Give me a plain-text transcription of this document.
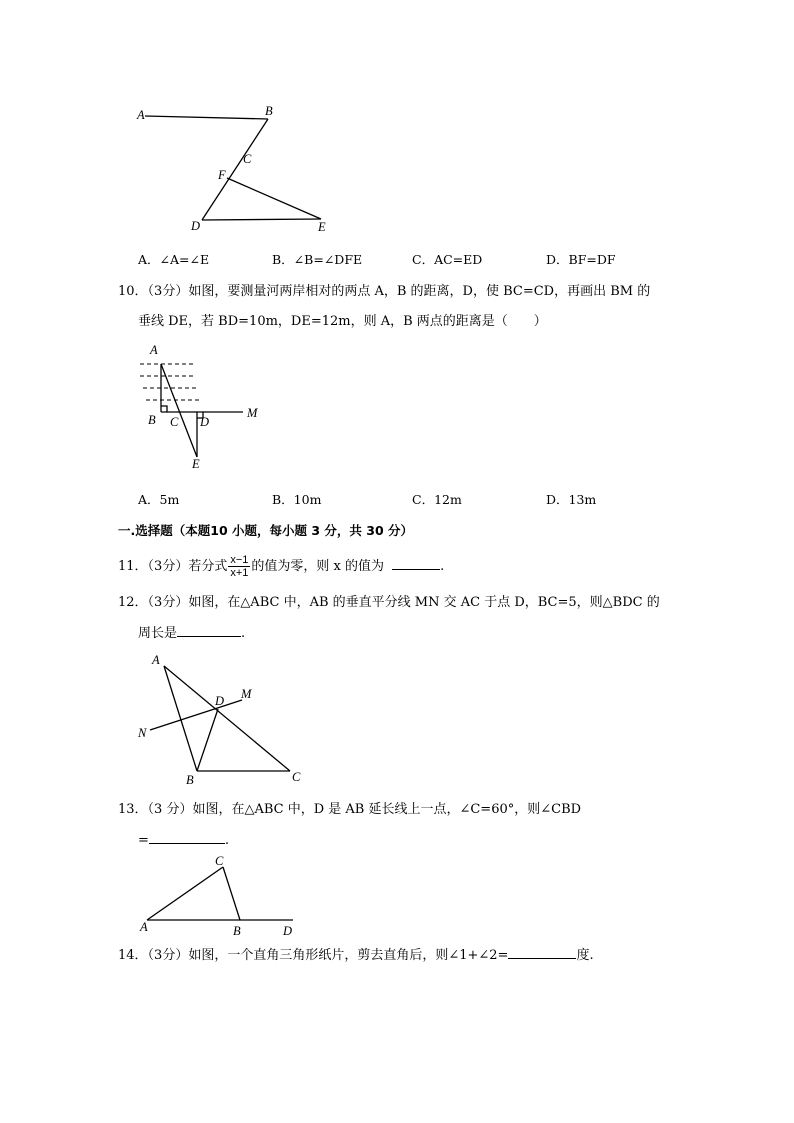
A	B
C
F
D	E
A．∠A=∠E	B．∠B=∠DFE	C．AC=ED	D．BF=DF
10．（3分）如图，要测量河两岸相对的两点 A，B 的距离，D，使 BC=CD，再画出 BM 的
垂线 DE，若 BD=10m，DE=12m，则 A，B 两点的距离是（　　）
A
B C D
M
E
A．5m	B．10m	C．12m	D．13m
一.选择题（本题10 小题，每小题 3 分，共 30 分）
11．（3分）若分式 $\frac{x-1}{x+1}$ 的值为零，则 x 的值为	.
12．（3分）如图，在△ABC 中，AB 的垂直平分线 MN 交 AC 于点 D，BC=5，则△BDC 的
周长是	.
A
D M
N
B	C
13．（3 分）如图，在△ABC 中，D 是 AB 延长线上一点，∠C=60°，则∠CBD
=	.
C
A	B	D
14．（3分）如图，一个直角三角形纸片，剪去直角后，则∠1+∠2=	度.
